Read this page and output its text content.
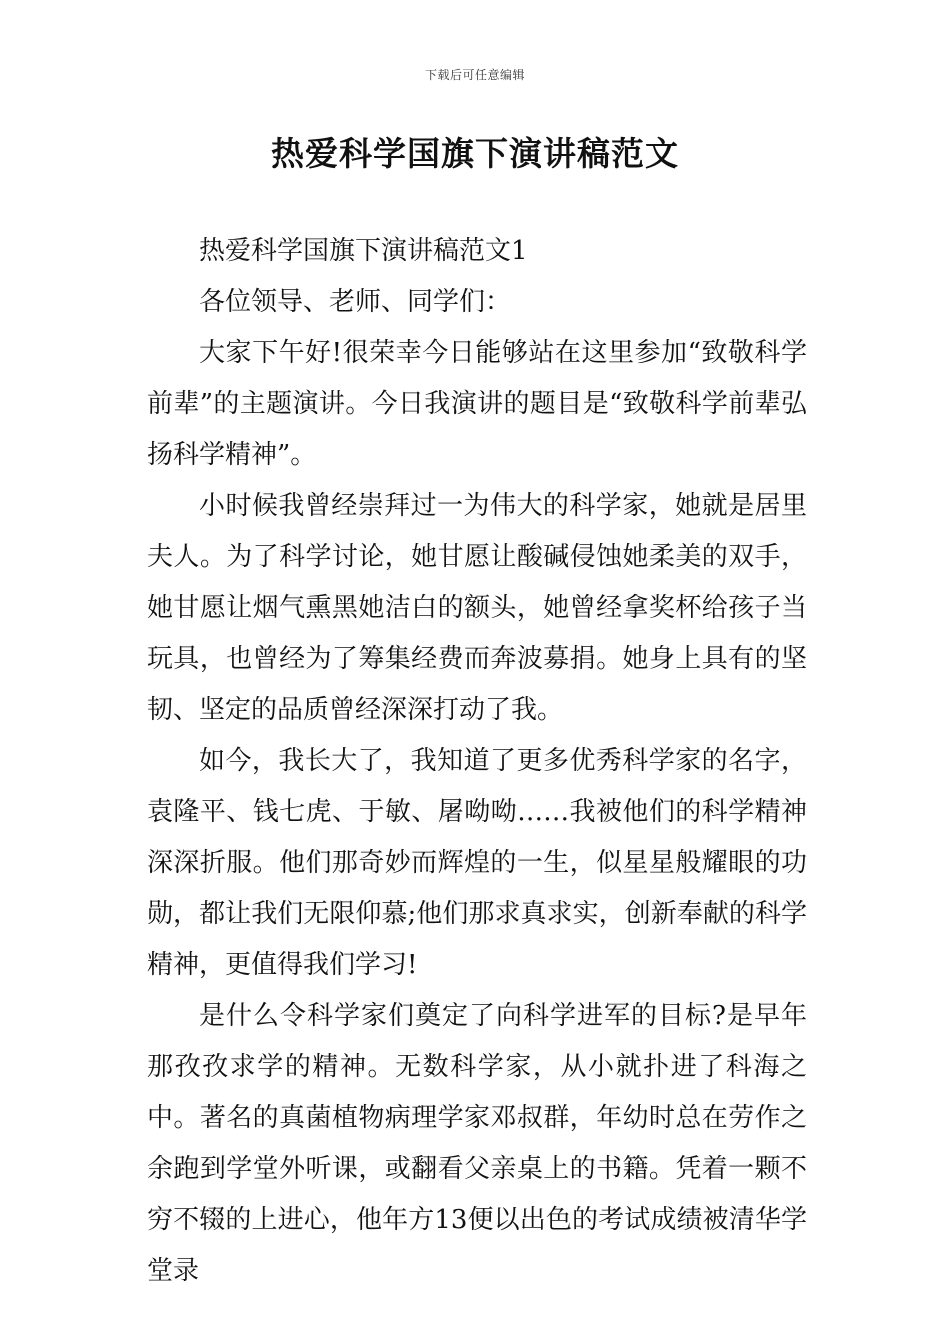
下载后可任意编辑
热爱科学国旗下演讲稿范文

热爱科学国旗下演讲稿范文1

各位领导、老师、同学们：

大家下午好!很荣幸今日能够站在这里参加“致敬科学前辈”的主题演讲。今日我演讲的题目是“致敬科学前辈弘扬科学精神”。

小时候我曾经崇拜过一为伟大的科学家，她就是居里夫人。为了科学讨论，她甘愿让酸碱侵蚀她柔美的双手，她甘愿让烟气熏黑她洁白的额头，她曾经拿奖杯给孩子当玩具，也曾经为了筹集经费而奔波募捐。她身上具有的坚韧、坚定的品质曾经深深打动了我。

如今，我长大了，我知道了更多优秀科学家的名字，袁隆平、钱七虎、于敏、屠呦呦……我被他们的科学精神深深折服。他们那奇妙而辉煌的一生，似星星般耀眼的功勋，都让我们无限仰慕;他们那求真求实，创新奉献的科学精神，更值得我们学习!

是什么令科学家们奠定了向科学进军的目标?是早年那孜孜求学的精神。无数科学家，从小就扑进了科海之中。著名的真菌植物病理学家邓叔群，年幼时总在劳作之余跑到学堂外听课，或翻看父亲桌上的书籍。凭着一颗不穷不辍的上进心，他年方13便以出色的考试成绩被清华学堂录
